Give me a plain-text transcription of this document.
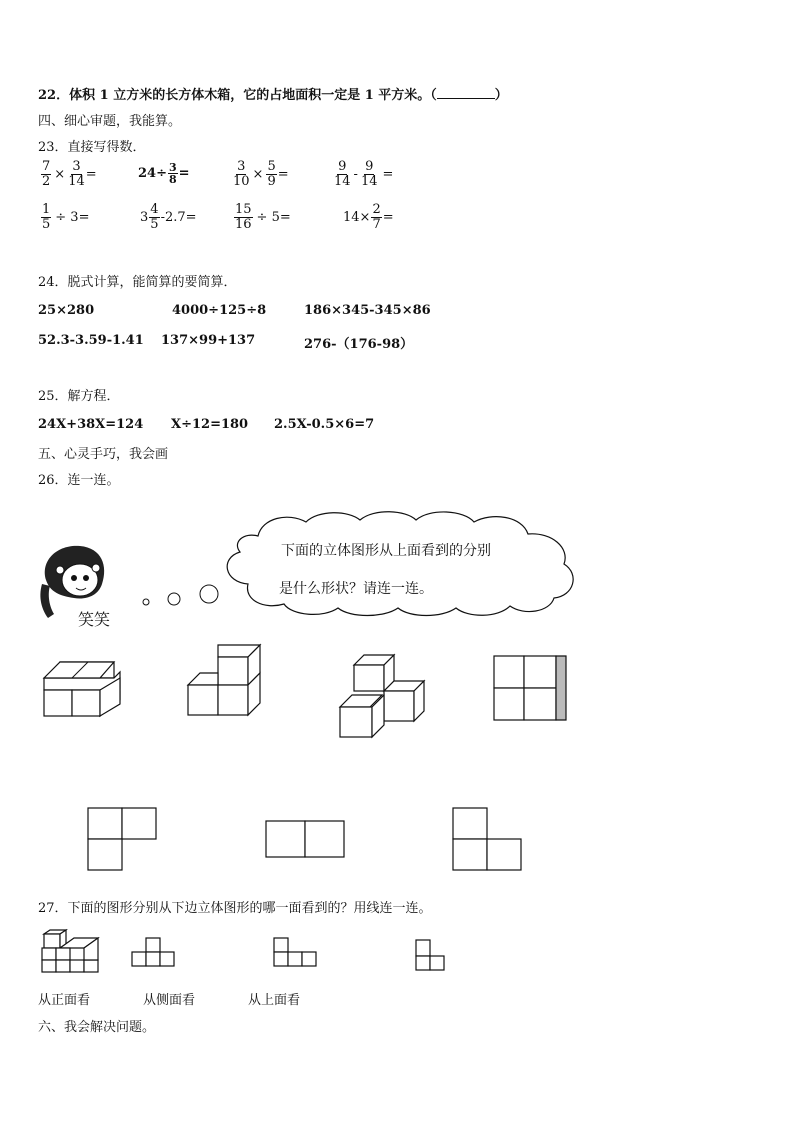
22．体积 1 立方米的长方体木箱，它的占地面积一定是 1 平方米。（	）
四、细心审题，我能算。
23．直接写得数．
$\frac{7}{2} \times \frac{3}{14}$ =	$24\div \frac{3}{8}$ =	$\frac{3}{10} \times \frac{5}{9}$ =	$\frac{9}{14} - \frac{9}{14}$ =
$\frac{1}{5} \div 3=$	$3 \frac{4}{5} -2.7=$	$\frac{15}{16} \div 5=$	$14\times \frac{2}{7}$ =
24．脱式计算，能简算的要简算．
25×280	4000÷125÷8	186×345-345×86
52.3-3.59-1.41 137×99+137	276-（176-98）
25．解方程．
24X+38X=124 X÷12=180 2.5X-0.5×6=7
五、心灵手巧，我会画
26．连一连。
笑笑
下面的立体图形从上面看到的分别
是什么形状？请连一连。
27．下面的图形分别从下边立体图形的哪一面看到的？用线连一连。
从正面看	从侧面看	从上面看
六、我会解决问题。
